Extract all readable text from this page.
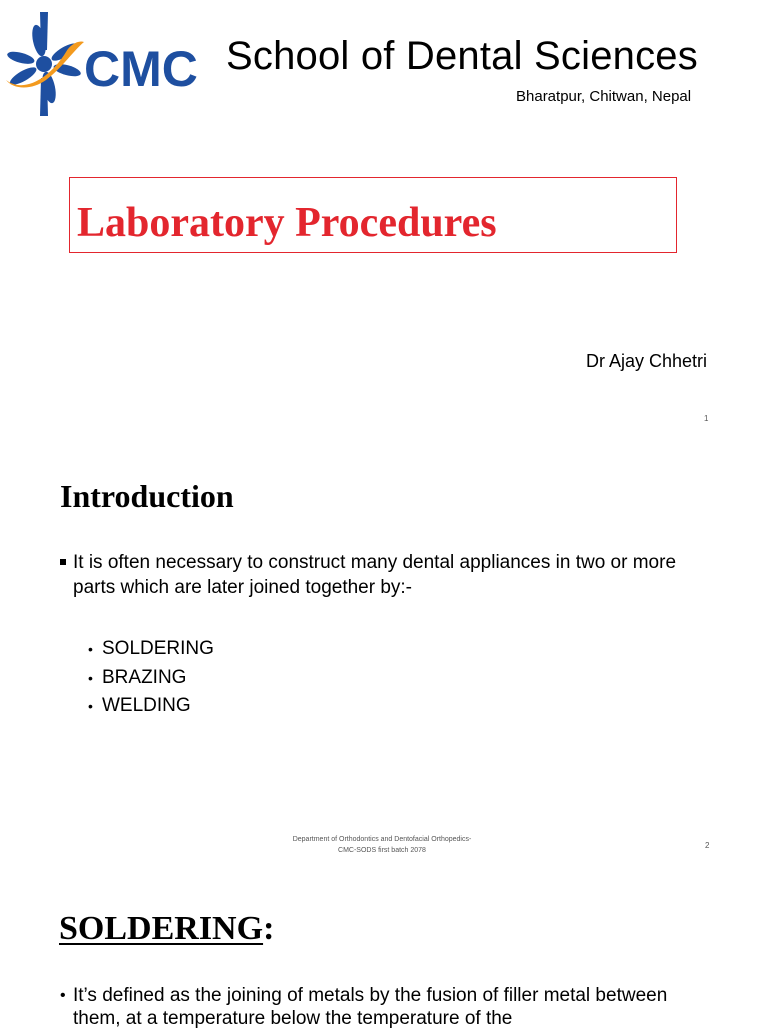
CMC School of Dental Sciences
Bharatpur, Chitwan, Nepal
Laboratory Procedures
Dr Ajay Chhetri
1
Introduction
It is often necessary to construct many dental appliances in two or more parts which are later joined together by:-
• SOLDERING
• BRAZING
• WELDING
Department of Orthodontics and Dentofacial Orthopedics-
CMC-SODS first batch 2078
2
SOLDERING:
• It’s defined as the joining of metals by the fusion of filler metal between them, at a temperature below the temperature of the
